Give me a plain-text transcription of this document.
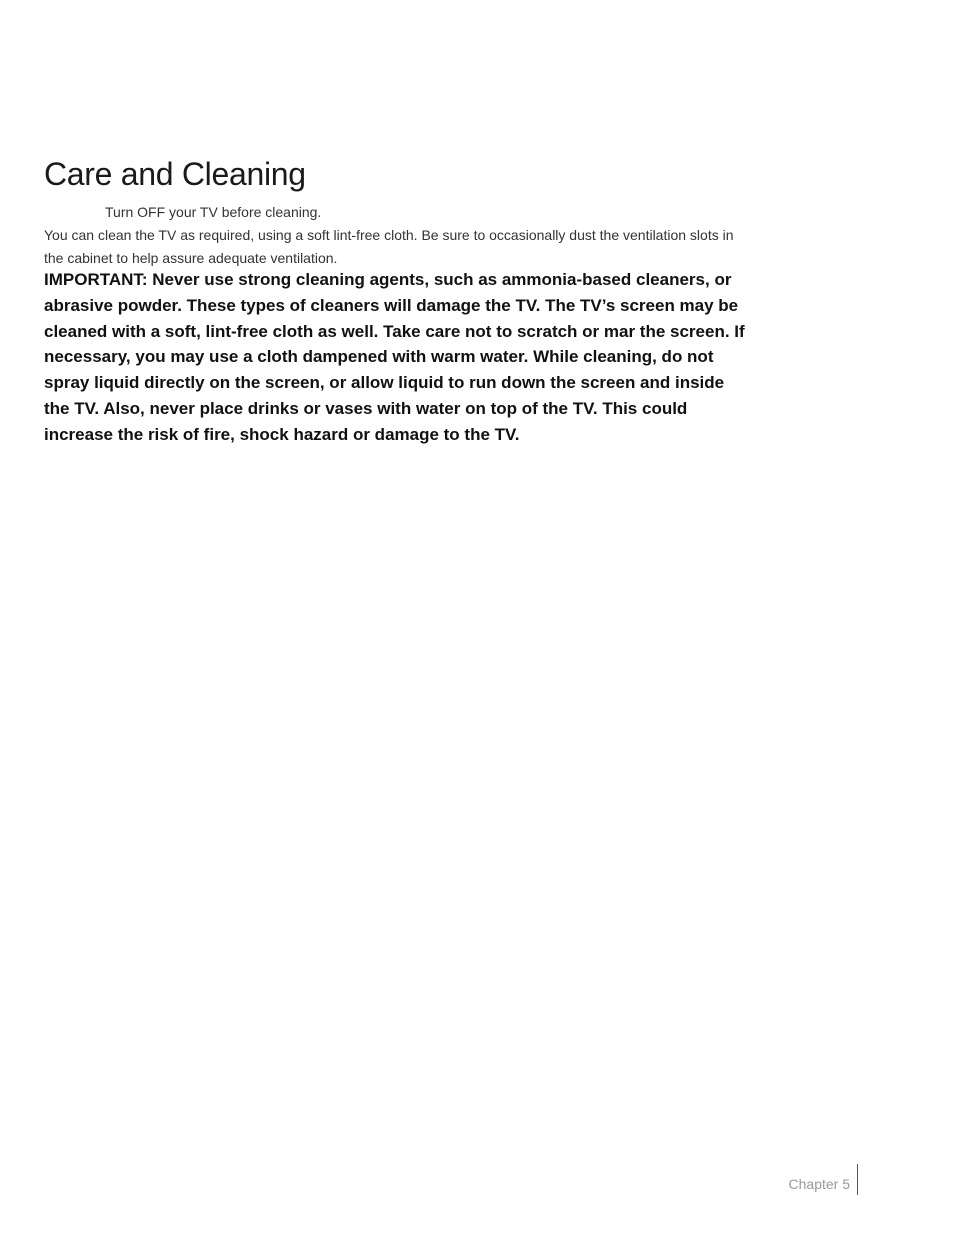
Care and Cleaning

Turn OFF your TV before cleaning.

You can clean the TV as required, using a soft lint-free cloth. Be sure to occasionally dust the ventilation slots in the cabinet to help assure adequate ventilation.

IMPORTANT: Never use strong cleaning agents, such as ammonia-based cleaners, or abrasive powder. These types of cleaners will damage the TV. The TV’s screen may be cleaned with a soft, lint-free cloth as well. Take care not to scratch or mar the screen. If necessary, you may use a cloth dampened with warm water. While cleaning, do not spray liquid directly on the screen, or allow liquid to run down the screen and inside the TV. Also, never place drinks or vases with water on top of the TV. This could increase the risk of fire, shock hazard or damage to the TV.

Chapter 5
